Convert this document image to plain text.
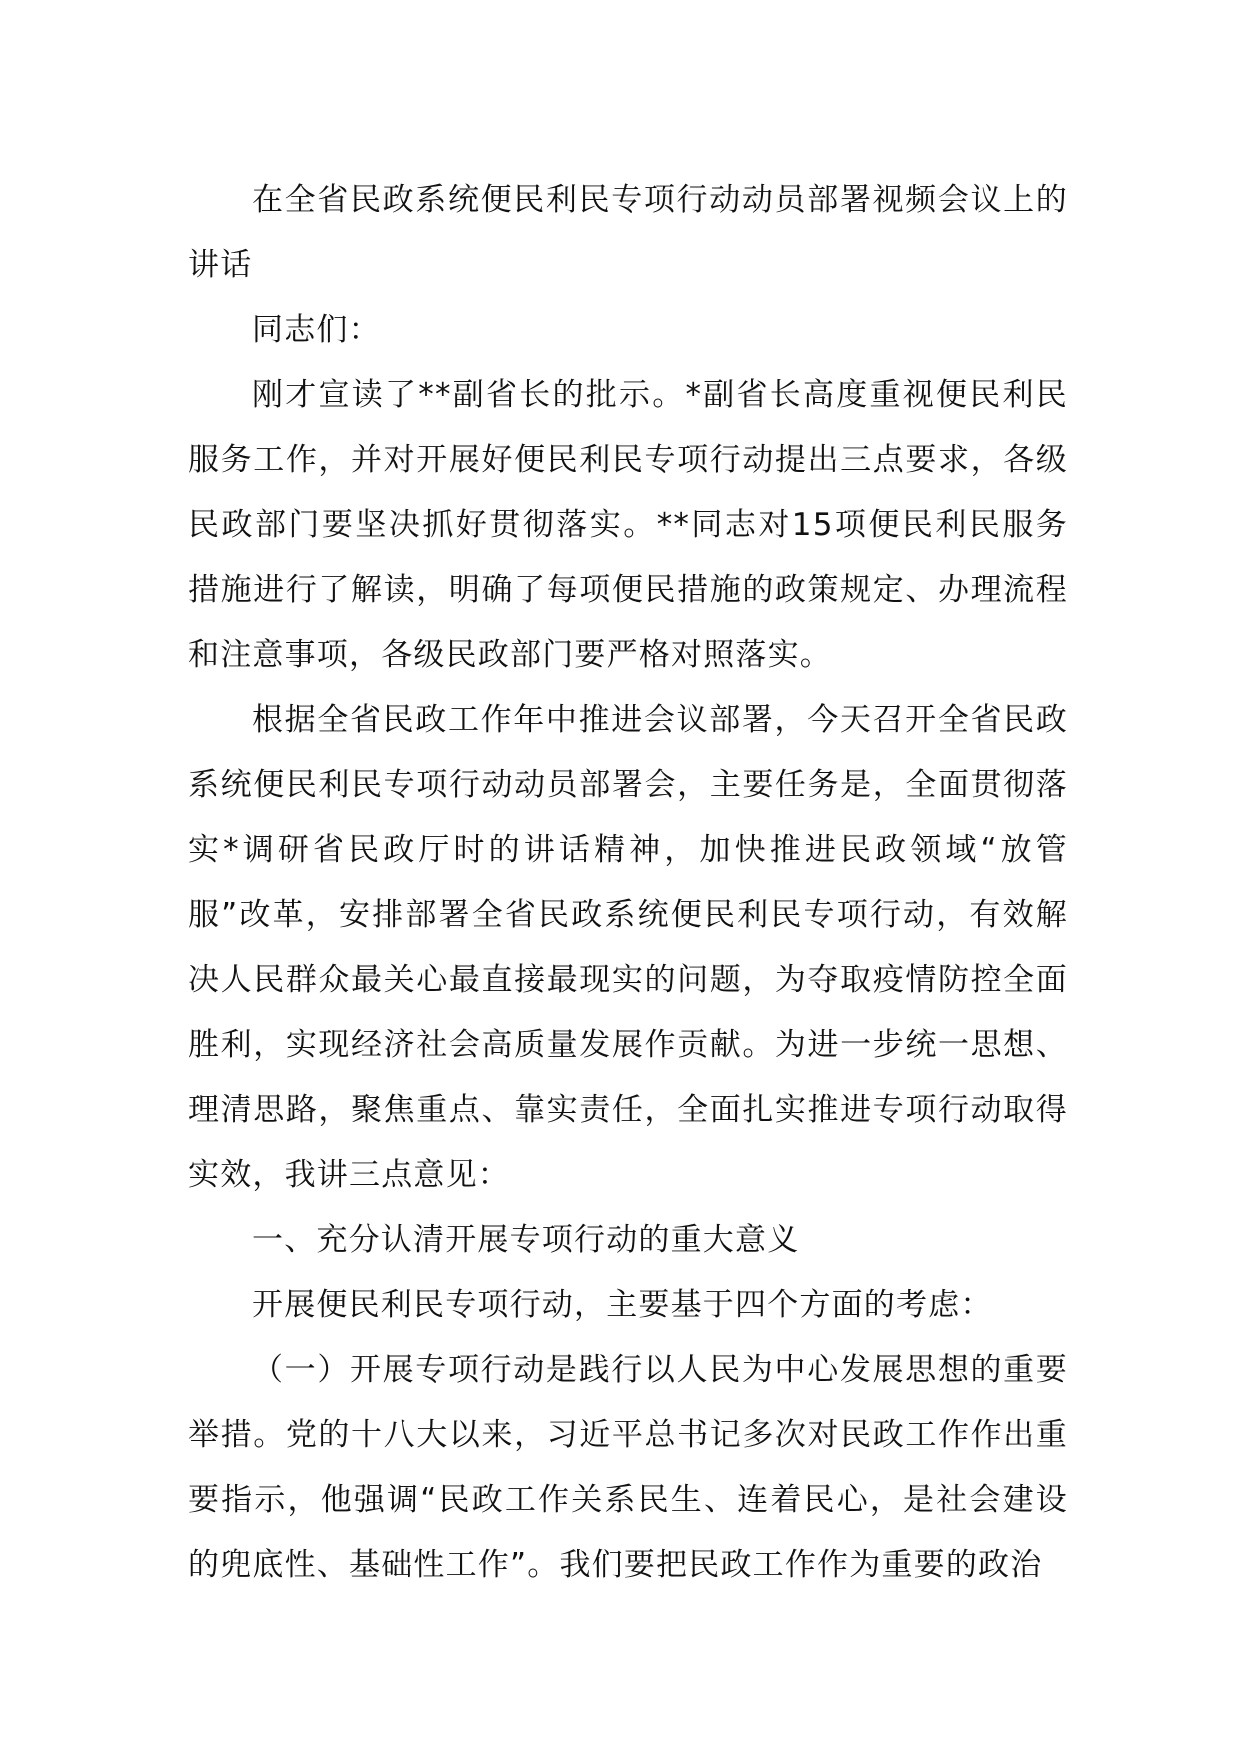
在全省民政系统便民利民专项行动动员部署视频会议上的讲话

同志们：

刚才宣读了**副省长的批示。*副省长高度重视便民利民服务工作，并对开展好便民利民专项行动提出三点要求，各级民政部门要坚决抓好贯彻落实。**同志对15项便民利民服务措施进行了解读，明确了每项便民措施的政策规定、办理流程和注意事项，各级民政部门要严格对照落实。

根据全省民政工作年中推进会议部署，今天召开全省民政系统便民利民专项行动动员部署会，主要任务是，全面贯彻落实*调研省民政厅时的讲话精神，加快推进民政领域“放管服”改革，安排部署全省民政系统便民利民专项行动，有效解决人民群众最关心最直接最现实的问题，为夺取疫情防控全面胜利，实现经济社会高质量发展作贡献。为进一步统一思想、理清思路，聚焦重点、靠实责任，全面扎实推进专项行动取得实效，我讲三点意见：

一、充分认清开展专项行动的重大意义

开展便民利民专项行动，主要基于四个方面的考虑：

（一）开展专项行动是践行以人民为中心发展思想的重要举措。党的十八大以来，习近平总书记多次对民政工作作出重要指示，他强调“民政工作关系民生、连着民心，是社会建设的兜底性、基础性工作”。我们要把民政工作作为重要的政治
